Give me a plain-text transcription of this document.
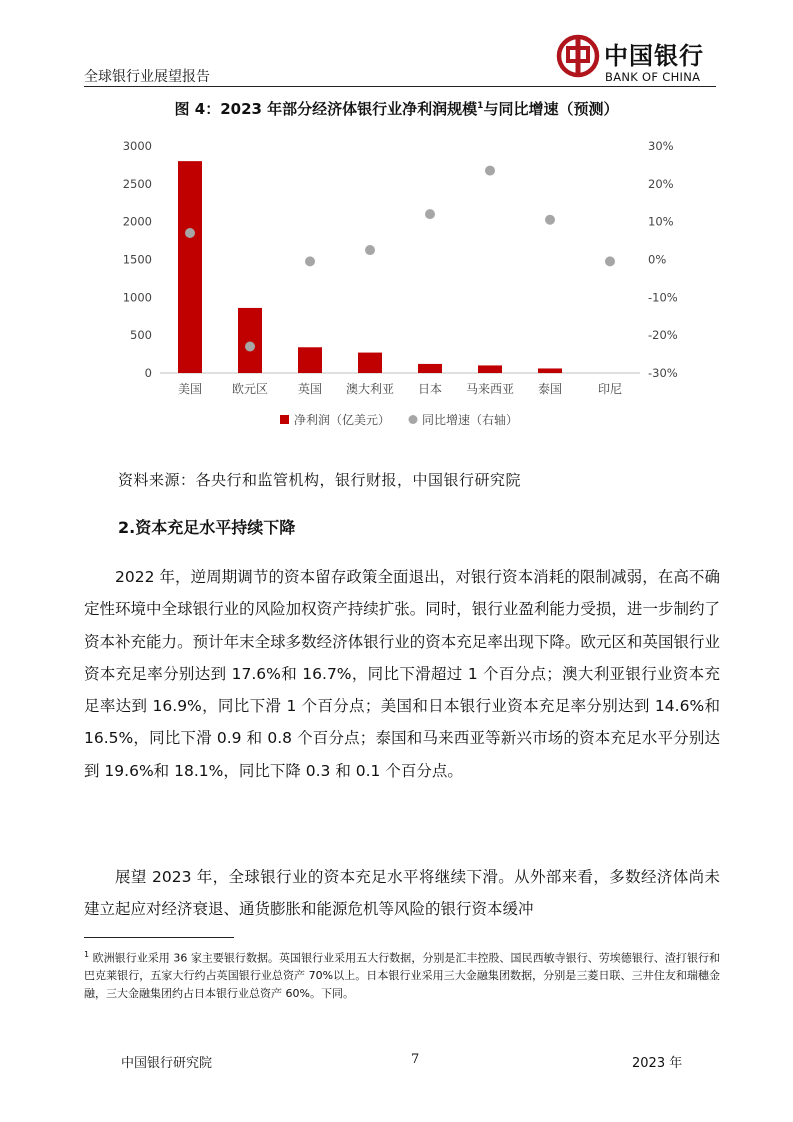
全球银行业展望报告
中国银行
BANK OF CHINA
图 4：2023 年部分经济体银行业净利润规模$^1$与同比增速（预测）
0
500
1000
1500
2000
2500
3000
-30%
-20%
-10%
0%
10%
20%
30%
美国 欧元区 英国 澳大利亚 日本 马来西亚 泰国	印尼
净利润（亿美元）	同比增速（右轴）
资料来源：各央行和监管机构，银行财报，中国银行研究院
2.资本充足水平持续下降
2022 年，逆周期调节的资本留存政策全面退出，对银行资本消耗的限制减弱，在高不确定性环境中全球银行业的风险加权资产持续扩张。同时，银行业盈利能力受损，进一步制约了资本补充能力。预计年末全球多数经济体银行业的资本充足率出现下降。欧元区和英国银行业资本充足率分别达到 17.6%和 16.7%，同比下滑超过 1 个百分点；澳大利亚银行业资本充足率达到 16.9%，同比下滑 1 个百分点；美国和日本银行业资本充足率分别达到 14.6%和 16.5%，同比下滑 0.9 和 0.8 个百分点；泰国和马来西亚等新兴市场的资本充足水平分别达到 19.6%和 18.1%，同比下降 0.3 和 0.1 个百分点。
展望 2023 年，全球银行业的资本充足水平将继续下滑。从外部来看，多数经济体尚未建立起应对经济衰退、通货膨胀和能源危机等风险的银行资本缓冲
$^1$ 欧洲银行业采用 36 家主要银行数据。英国银行业采用五大行数据，分别是汇丰控股、国民西敏寺银行、劳埃德银行、渣打银行和巴克莱银行，五家大行约占英国银行业总资产 70%以上。日本银行业采用三大金融集团数据，分别是三菱日联、三井住友和瑞穗金融，三大金融集团约占日本银行业总资产 60%。下同。
中国银行研究院	7	2023 年
